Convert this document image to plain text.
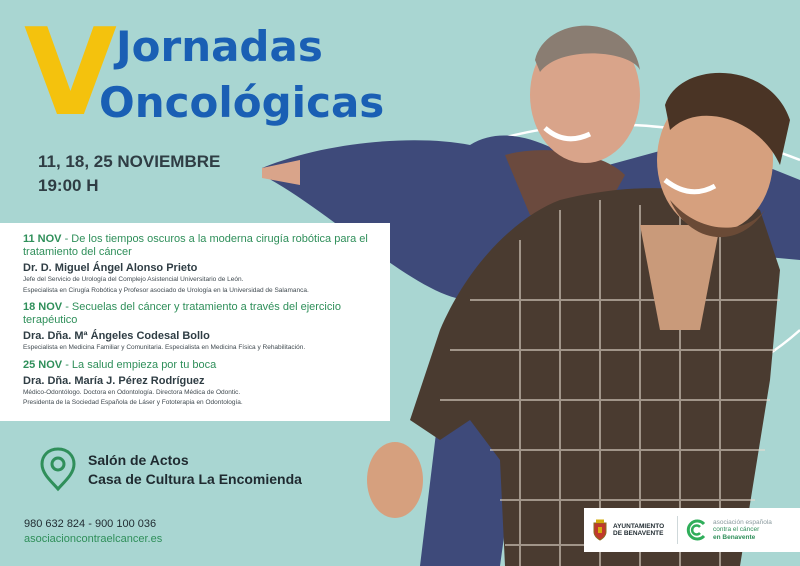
V Jornadas
Oncológicas
11, 18, 25 NOVIEMBRE
19:00 H
11 NOV - De los tiempos oscuros a la moderna cirugía robótica para el tratamiento del cáncer
Dr. D. Miguel Ángel Alonso Prieto
Jefe del Servicio de Urología del Complejo Asistencial Universitario de León.
Especialista en Cirugía Robótica y Profesor asociado de Urología en la Universidad de Salamanca.
18 NOV - Secuelas del cáncer y tratamiento a través del ejercicio terapéutico
Dra. Dña. Mª Ángeles Codesal Bollo
Especialista en Medicina Familiar y Comunitaria. Especialista en Medicina Física y Rehabilitación.
25 NOV - La salud empieza por tu boca
Dra. Dña. María J. Pérez Rodríguez
Médico-Odontólogo. Doctora en Odontología. Directora Médica de Odontic.
Presidenta de la Sociedad Española de Láser y Fototerapia en Odontología.
Salón de Actos
Casa de Cultura La Encomienda
980 632 824 - 900 100 036
asociacioncontraelcancer.es
AYUNTAMIENTO
DE BENAVENTE
asociación española
contra el cáncer
en Benavente
